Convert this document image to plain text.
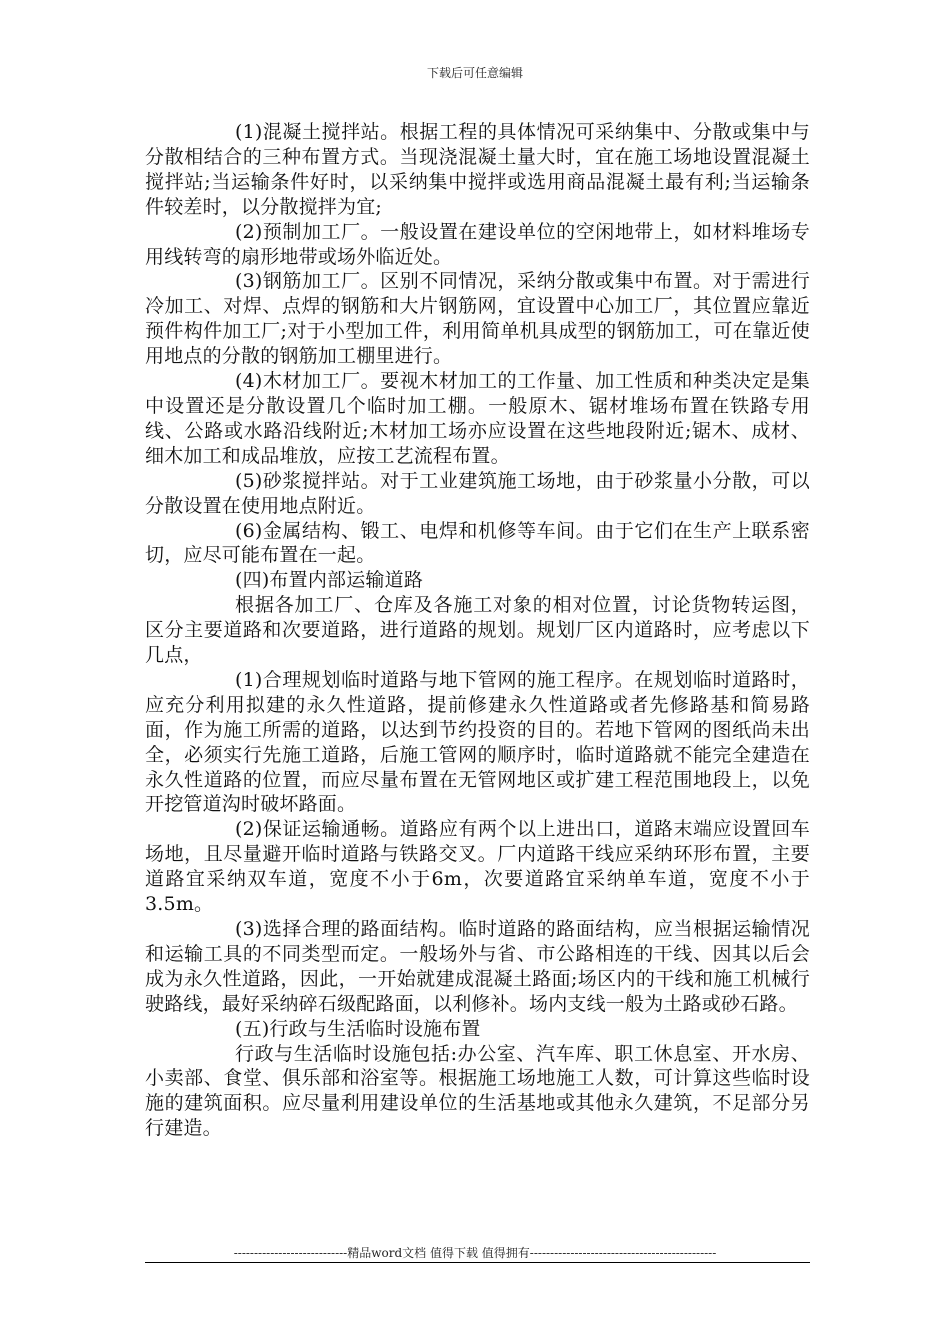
下载后可任意编辑

(1)混凝土搅拌站。根据工程的具体情况可采纳集中、分散或集中与分散相结合的三种布置方式。当现浇混凝土量大时，宜在施工场地设置混凝土搅拌站;当运输条件好时，以采纳集中搅拌或选用商品混凝土最有利;当运输条件较差时，以分散搅拌为宜;

(2)预制加工厂。一般设置在建设单位的空闲地带上，如材料堆场专用线转弯的扇形地带或场外临近处。

(3)钢筋加工厂。区别不同情况，采纳分散或集中布置。对于需进行冷加工、对焊、点焊的钢筋和大片钢筋网，宜设置中心加工厂，其位置应靠近预件构件加工厂;对于小型加工件，利用简单机具成型的钢筋加工，可在靠近使用地点的分散的钢筋加工棚里进行。

(4)木材加工厂。要视木材加工的工作量、加工性质和种类决定是集中设置还是分散设置几个临时加工棚。一般原木、锯材堆场布置在铁路专用线、公路或水路沿线附近;木材加工场亦应设置在这些地段附近;锯木、成材、细木加工和成品堆放，应按工艺流程布置。

(5)砂浆搅拌站。对于工业建筑施工场地，由于砂浆量小分散，可以分散设置在使用地点附近。

(6)金属结构、锻工、电焊和机修等车间。由于它们在生产上联系密切，应尽可能布置在一起。

(四)布置内部运输道路

根据各加工厂、仓库及各施工对象的相对位置，讨论货物转运图，区分主要道路和次要道路，进行道路的规划。规划厂区内道路时，应考虑以下几点，

(1)合理规划临时道路与地下管网的施工程序。在规划临时道路时，应充分利用拟建的永久性道路，提前修建永久性道路或者先修路基和简易路面，作为施工所需的道路，以达到节约投资的目的。若地下管网的图纸尚未出全，必须实行先施工道路，后施工管网的顺序时，临时道路就不能完全建造在永久性道路的位置，而应尽量布置在无管网地区或扩建工程范围地段上，以免开挖管道沟时破坏路面。

(2)保证运输通畅。道路应有两个以上进出口，道路末端应设置回车场地，且尽量避开临时道路与铁路交叉。厂内道路干线应采纳环形布置，主要道路宜采纳双车道，宽度不小于6m，次要道路宜采纳单车道，宽度不小于3.5m。

(3)选择合理的路面结构。临时道路的路面结构，应当根据运输情况和运输工具的不同类型而定。一般场外与省、市公路相连的干线、因其以后会成为永久性道路，因此，一开始就建成混凝土路面;场区内的干线和施工机械行驶路线，最好采纳碎石级配路面，以利修补。场内支线一般为土路或砂石路。

(五)行政与生活临时设施布置

行政与生活临时设施包括:办公室、汽车库、职工休息室、开水房、小卖部、食堂、俱乐部和浴室等。根据施工场地施工人数，可计算这些临时设施的建筑面积。应尽量利用建设单位的生活基地或其他永久建筑，不足部分另行建造。

----------------------------精品word文档 值得下载 值得拥有----------------------------------------------
